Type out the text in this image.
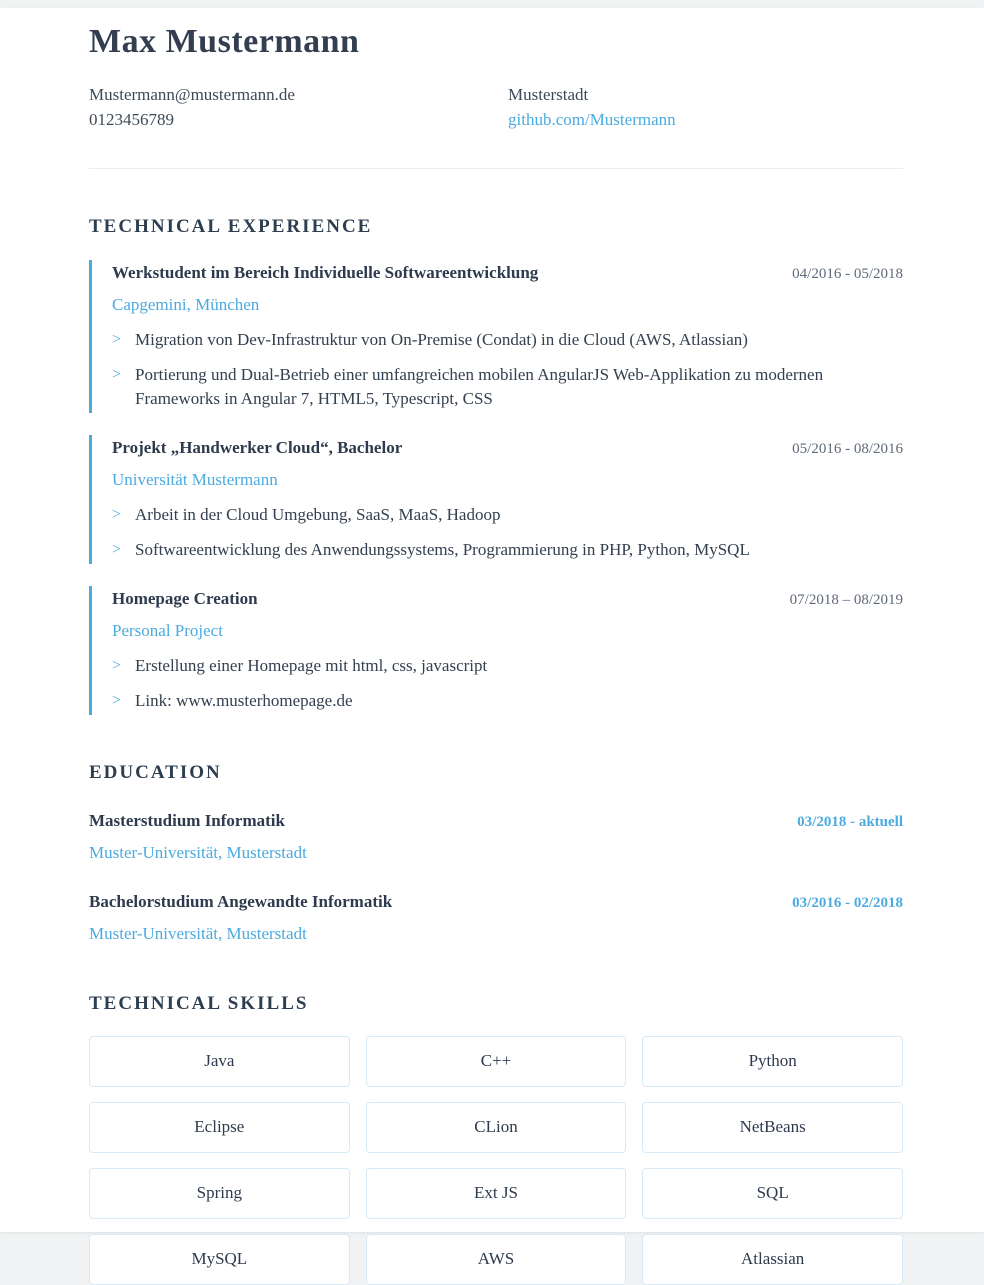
Max Mustermann
Mustermann@mustermann.de
0123456789
Musterstadt
github.com/Mustermann
TECHNICAL EXPERIENCE
Werkstudent im Bereich Individuelle Softwareentwicklung	04/2016 - 05/2018
Capgemini, München
> Migration von Dev-Infrastruktur von On-Premise (Condat) in die Cloud (AWS, Atlassian)
> Portierung und Dual-Betrieb einer umfangreichen mobilen AngularJS Web-Applikation zu modernen Frameworks in Angular 7, HTML5, Typescript, CSS
Projekt „Handwerker Cloud“, Bachelor	05/2016 - 08/2016
Universität Mustermann
> Arbeit in der Cloud Umgebung, SaaS, MaaS, Hadoop
> Softwareentwicklung des Anwendungssystems, Programmierung in PHP, Python, MySQL
Homepage Creation	07/2018 – 08/2019
Personal Project
> Erstellung einer Homepage mit html, css, javascript
> Link: www.musterhomepage.de
EDUCATION
Masterstudium Informatik	03/2018 - aktuell
Muster-Universität, Musterstadt
Bachelorstudium Angewandte Informatik	03/2016 - 02/2018
Muster-Universität, Musterstadt
TECHNICAL SKILLS
Java	C++	Python
Eclipse	CLion	NetBeans
Spring	Ext JS	SQL
MySQL	AWS	Atlassian
